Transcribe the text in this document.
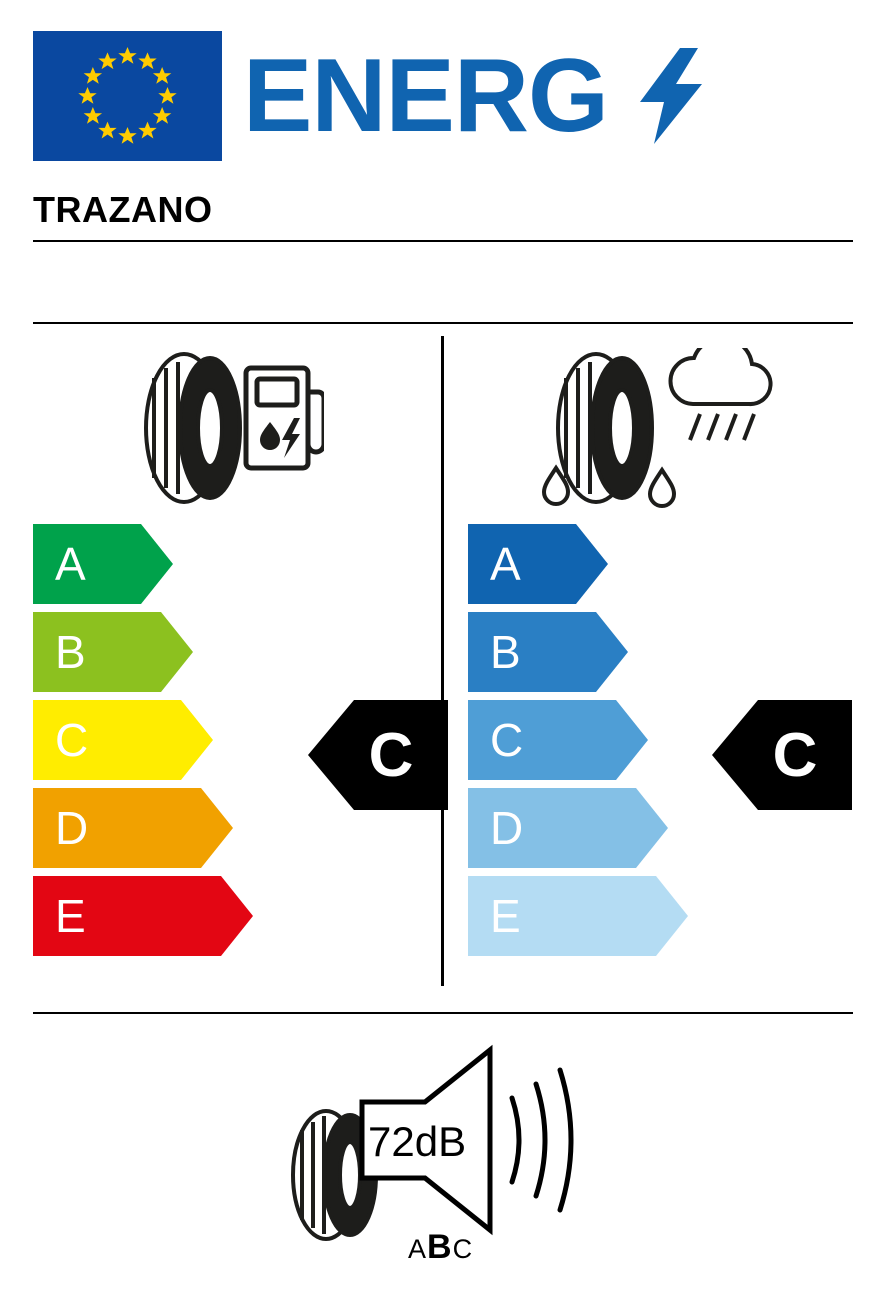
ENERG
TRAZANO
A
B
C
D
E
A
B
C
D
E
C	C
72dB
ABC
